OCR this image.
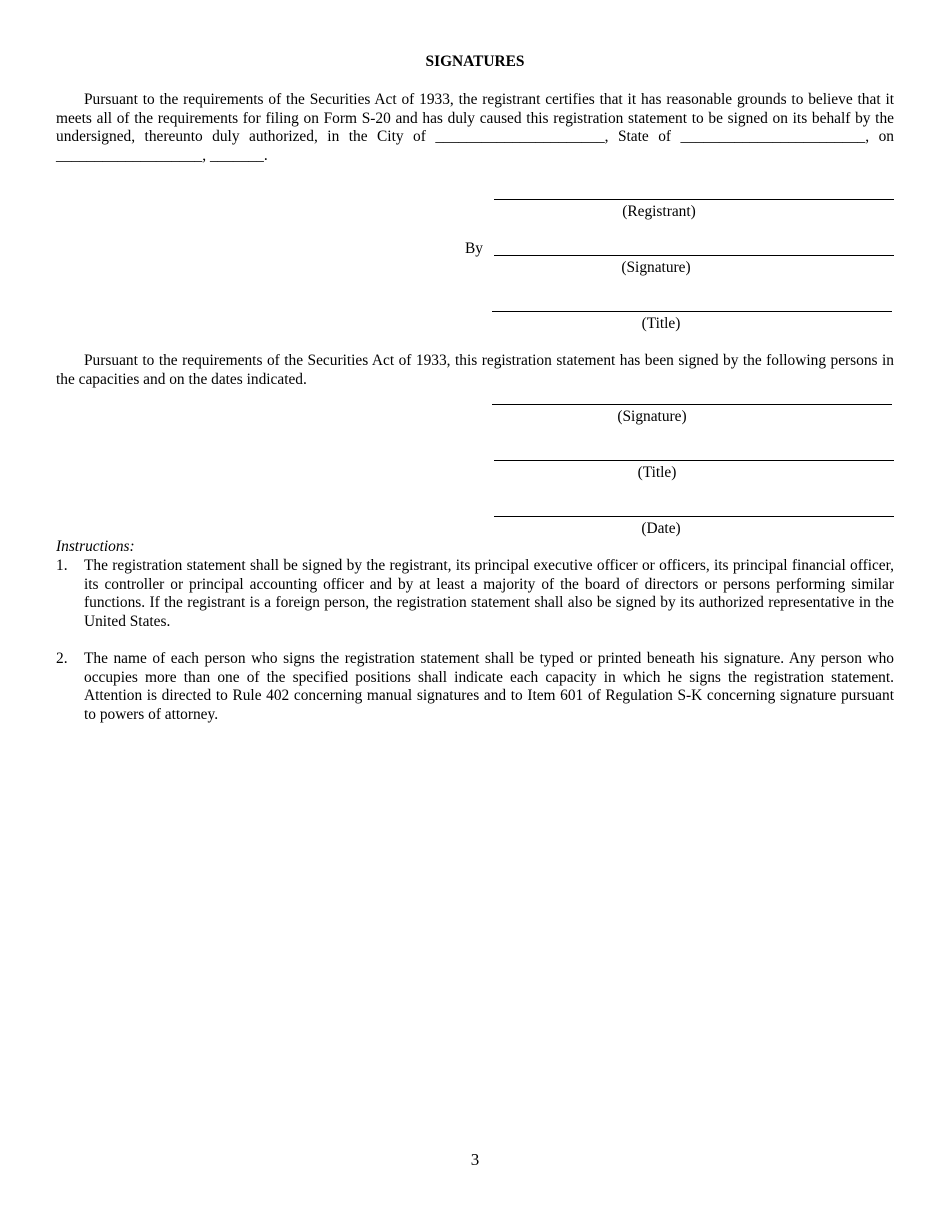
SIGNATURES

Pursuant to the requirements of the Securities Act of 1933, the registrant certifies that it has reasonable grounds to believe that it meets all of the requirements for filing on Form S-20 and has duly caused this registration statement to be signed on its behalf by the undersigned, thereunto duly authorized, in the City of ______________________, State of ________________________, on ___________________, _______.

(Registrant)
By
(Signature)
(Title)

Pursuant to the requirements of the Securities Act of 1933, this registration statement has been signed by the following persons in the capacities and on the dates indicated.

(Signature)
(Title)
(Date)
Instructions:
1. The registration statement shall be signed by the registrant, its principal executive officer or officers, its principal financial officer, its controller or principal accounting officer and by at least a majority of the board of directors or persons performing similar functions. If the registrant is a foreign person, the registration statement shall also be signed by its authorized representative in the United States.
2. The name of each person who signs the registration statement shall be typed or printed beneath his signature. Any person who occupies more than one of the specified positions shall indicate each capacity in which he signs the registration statement. Attention is directed to Rule 402 concerning manual signatures and to Item 601 of Regulation S-K concerning signature pursuant to powers of attorney.
3
